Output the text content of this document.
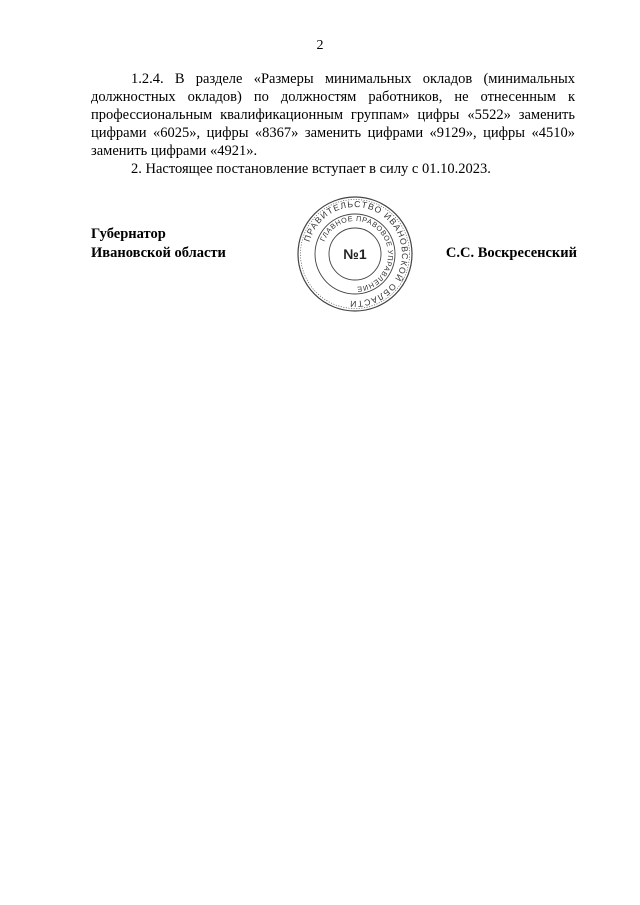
2

1.2.4. В разделе «Размеры минимальных окладов (минимальных должностных окладов) по должностям работников, не отнесенным к профессиональным квалификационным группам» цифры «5522» заменить цифрами «6025», цифры «8367» заменить цифрами «9129», цифры «4510» заменить цифрами «4921».

2. Настоящее постановление вступает в силу с 01.10.2023.

Губернатор
Ивановской области	С.С. Воскресенский
ПРАВИТЕЛЬСТВО ИВАНОВСКОЙ ОБЛАСТИ
ГЛАВНОЕ ПРАВОВОЕ УПРАВЛЕНИЕ
№1
